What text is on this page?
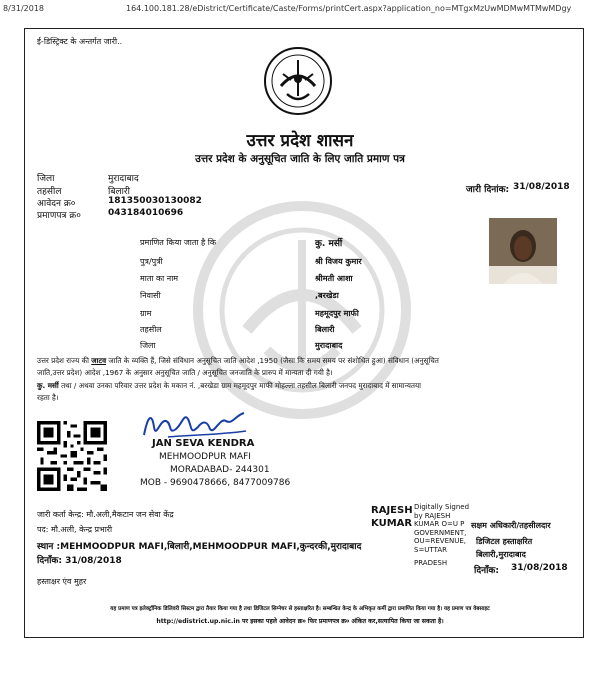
8/31/2018	164.100.181.28/eDistrict/Certificate/Caste/Forms/printCert.aspx?application_no=MTgxMzUwMDMwMTMwMDgy
ई-डिस्ट्रिक्ट के अन्तर्गत जारी..
उत्तर प्रदेश शासन
उत्तर प्रदेश के अनुसूचित जाति के लिए जाति प्रमाण पत्र
जिला	मुरादाबाद
तहसील	बिलारी
आवेदन क्र०	181350030130082
प्रमाणपत्र क्र०	043184010696
जारी दिनांक: 31/08/2018
प्रमाणित किया जाता है कि	कु. मर्सी
पुत्र/पुत्री	श्री विजय कुमार
माता का नाम	श्रीमती आशा
निवासी	,बरखेडा
ग्राम	महमूदपुर माफी
तहसील	बिलारी
जिला	मुरादाबाद
उत्तर प्रदेश राज्य की जाटव जाति के व्यक्ति हैं, जिसे संविधान अनुसूचित जाति आदेश ,1950 (जैसा कि समय समय पर संशोधित हुआ) संविधान (अनुसूचित
जाति,उत्तर प्रदेश) आदेश ,1967 के अनुसार अनुसूचित जाति / अनुसूचित जनजाति के प्रारुप में मान्यता दी गयी है।
कु. मर्सी तथा / अथवा उनका परिवार उत्तर प्रदेश के मकान नं. ,बरखेडा ग्राम महमूदपुर माफी मोहल्ला तहसील बिलारी जनपद मुरादाबाद में सामान्यतया
रहता है।
JAN SEVA KENDRA
MEHMOODPUR MAFI
MORADABAD- 244301
MOB - 9690478666, 8477009786
जारी कर्ता केन्द्र: मौ.अली,मैकटान जन सेवा केंद्र
पद: मौ.अली, केन्द्र प्रभारी
स्थान :MEHMOODPUR MAFI,बिलारी,MEHMOODPUR MAFI,कुन्दरकी,मुरादाबाद
दिनाँक: 31/08/2018
हस्ताक्षर एंव मुहर
RAJESH
KUMAR
Digitally Signed
by RAJESH
KUMAR O=U P
GOVERNMENT,
OU=REVENUE,
S=UTTAR
PRADESH
सक्षम अधिकारी/तहसीलदार
डिजिटल हस्ताक्षरित
बिलारी,मुरादाबाद
दिनाँक: 31/08/2018
यह प्रमाण पत्र इलेक्ट्रॉनिक डिलिवरी सिस्टम द्वारा तैयार किया गया है तथा डिजिटल सिग्नेचर से हस्ताक्षरित है। सम्बन्धित केन्द्र के अभिकृत कर्मी द्वारा प्रमाणित किया गया है। यह प्रमाण पत्र वेबसाइट
http://edistrict.up.nic.in पर इसका पहले आवेदन क्र० फिर प्रमाणपत्र क्र० अंकित कर,सत्यापित किया जा सकता है।
